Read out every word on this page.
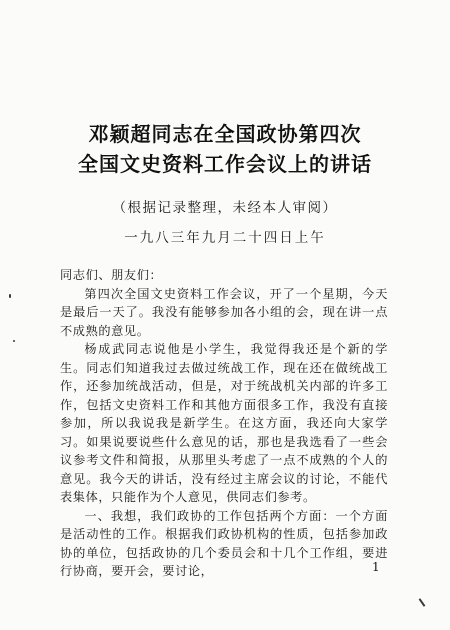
邓颖超同志在全国政协第四次
全国文史资料工作会议上的讲话
（根据记录整理，未经本人审阅）
一九八三年九月二十四日上午

同志们、朋友们：

第四次全国文史资料工作会议，开了一个星期，今天是最后一天了。我没有能够参加各小组的会，现在讲一点不成熟的意见。

杨成武同志说他是小学生，我觉得我还是个新的学生。同志们知道我过去做过统战工作，现在还在做统战工作，还参加统战活动，但是，对于统战机关内部的许多工作，包括文史资料工作和其他方面很多工作，我没有直接参加，所以我说我是新学生。在这方面，我还向大家学习。如果说要说些什么意见的话，那也是我选看了一些会议参考文件和简报，从那里头考虑了一点不成熟的个人的意见。我今天的讲话，没有经过主席会议的讨论，不能代表集体，只能作为个人意见，供同志们参考。

一、我想，我们政协的工作包括两个方面：一个方面是活动性的工作。根据我们政协机构的性质，包括参加政协的单位，包括政协的几个委员会和十几个工作组，要进行协商，要开会，要讨论，	1
